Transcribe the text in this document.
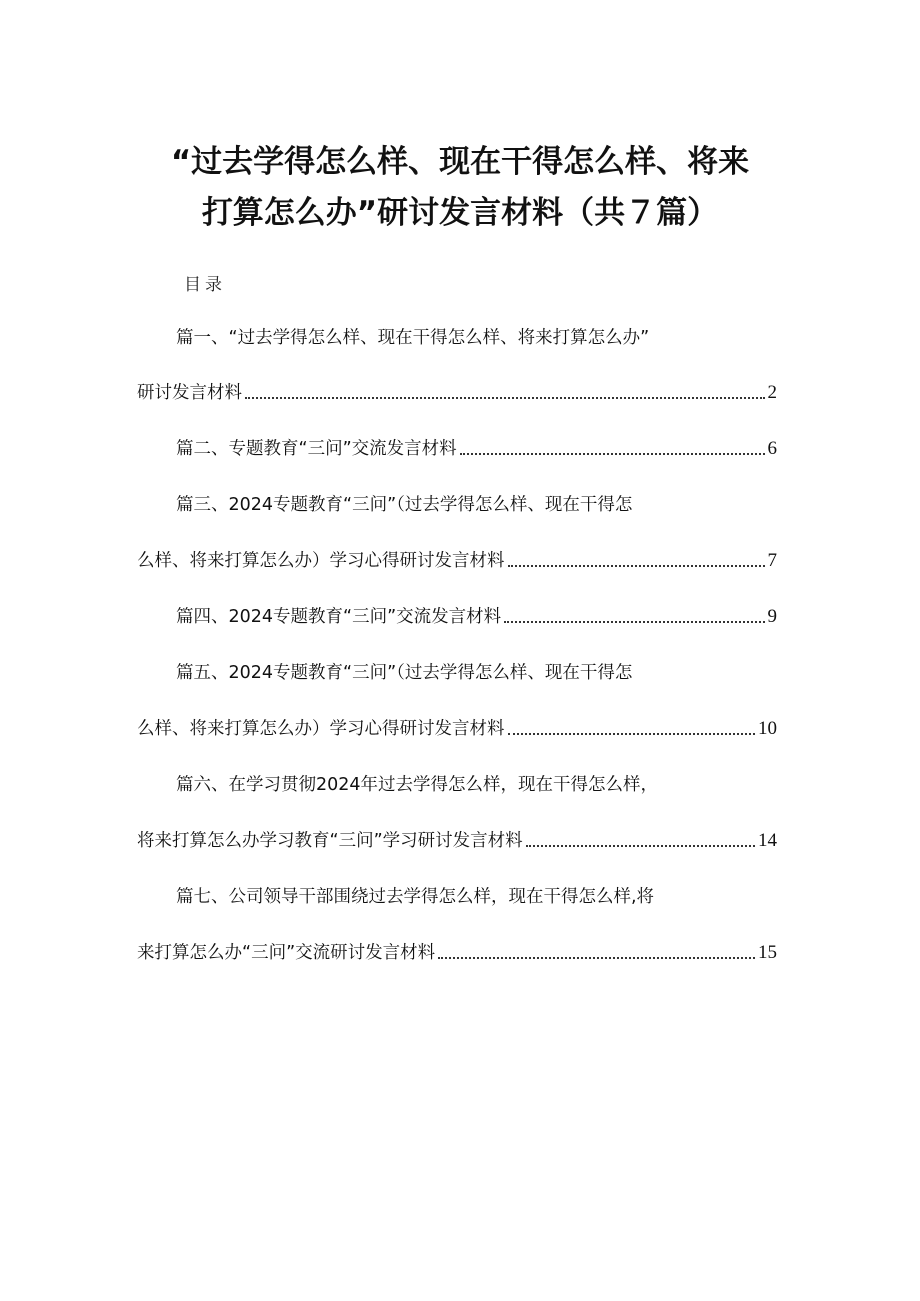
“过去学得怎么样、现在干得怎么样、将来
打算怎么办”研讨发言材料（共７篇）
目录
篇一、“过去学得怎么样、现在干得怎么样、将来打算怎么办”
研讨发言材料	2
篇二、专题教育“三问”交流发言材料	6
篇三、2024专题教育“三问”（过去学得怎么样、现在干得怎
么样、将来打算怎么办）学习心得研讨发言材料	7
篇四、2024专题教育“三问”交流发言材料	9
篇五、2024专题教育“三问”（过去学得怎么样、现在干得怎
么样、将来打算怎么办）学习心得研讨发言材料	10
篇六、在学习贯彻2024年过去学得怎么样，现在干得怎么样，
将来打算怎么办学习教育“三问”学习研讨发言材料	14
篇七、公司领导干部围绕过去学得怎么样，现在干得怎么样,将
来打算怎么办“三问”交流研讨发言材料	15
